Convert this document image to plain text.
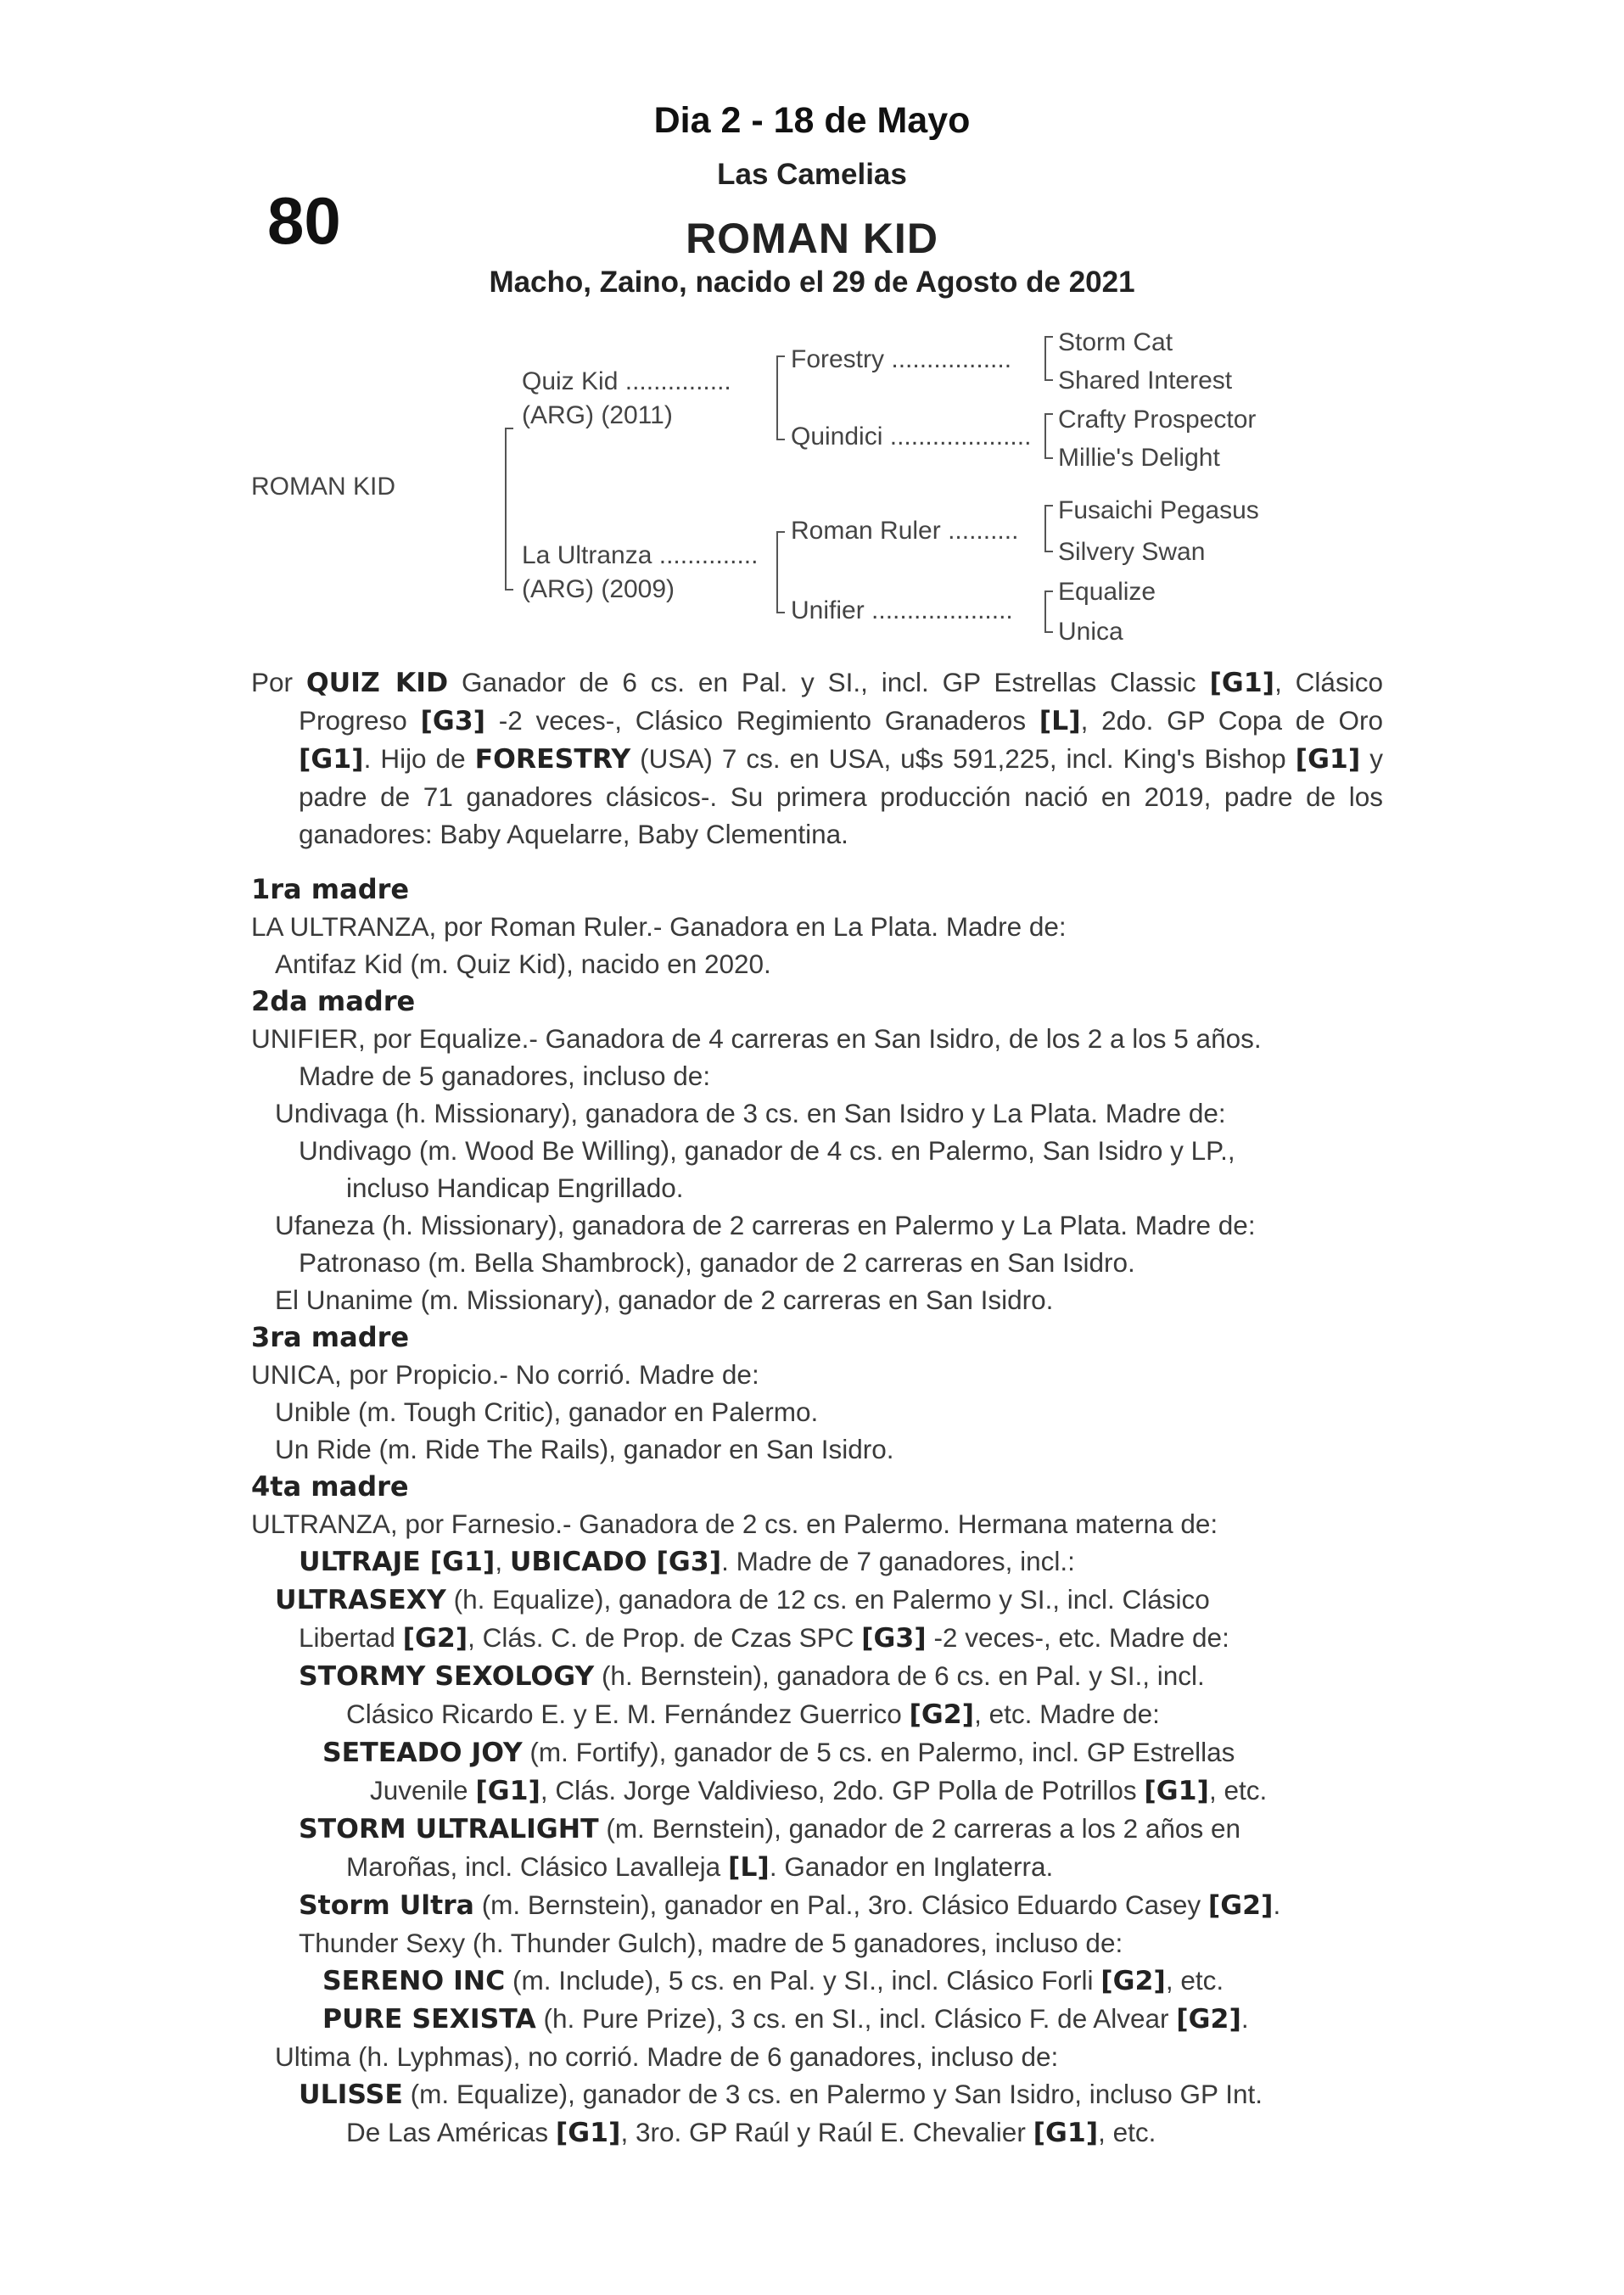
Dia 2 - 18 de Mayo
Las Camelias
80	ROMAN KID
Macho, Zaino, nacido el 29 de Agosto de 2021
ROMAN KID
Quiz Kid ...............
(ARG) (2011)
La Ultranza ..............
(ARG) (2009)
Forestry .................
Quindici ....................
Roman Ruler ..........
Unifier ....................
Storm Cat
Shared Interest
Crafty Prospector
Millie's Delight
Fusaichi Pegasus
Silvery Swan
Equalize
Unica

Por QUIZ KID Ganador de 6 cs. en Pal. y SI., incl. GP Estrellas Classic [G1], Clásico Progreso [G3] -2 veces-, Clásico Regimiento Granaderos [L], 2do. GP Copa de Oro [G1]. Hijo de FORESTRY (USA) 7 cs. en USA, u$s 591,225, incl. King's Bishop [G1] y padre de 71 ganadores clásicos-. Su primera producción nació en 2019, padre de los ganadores: Baby Aquelarre, Baby Clementina.

1ra madre

LA ULTRANZA, por Roman Ruler.- Ganadora en La Plata. Madre de:

Antifaz Kid (m. Quiz Kid), nacido en 2020.

2da madre

UNIFIER, por Equalize.- Ganadora de 4 carreras en San Isidro, de los 2 a los 5 años.

Madre de 5 ganadores, incluso de:

Undivaga (h. Missionary), ganadora de 3 cs. en San Isidro y La Plata. Madre de:

Undivago (m. Wood Be Willing), ganador de 4 cs. en Palermo, San Isidro y LP.,

incluso Handicap Engrillado.

Ufaneza (h. Missionary), ganadora de 2 carreras en Palermo y La Plata. Madre de:

Patronaso (m. Bella Shambrock), ganador de 2 carreras en San Isidro.

El Unanime (m. Missionary), ganador de 2 carreras en San Isidro.

3ra madre

UNICA, por Propicio.- No corrió. Madre de:

Unible (m. Tough Critic), ganador en Palermo.

Un Ride (m. Ride The Rails), ganador en San Isidro.

4ta madre

ULTRANZA, por Farnesio.- Ganadora de 2 cs. en Palermo. Hermana materna de:

ULTRAJE [G1], UBICADO [G3]. Madre de 7 ganadores, incl.:

ULTRASEXY (h. Equalize), ganadora de 12 cs. en Palermo y SI., incl. Clásico

Libertad [G2], Clás. C. de Prop. de Czas SPC [G3] -2 veces-, etc. Madre de:

STORMY SEXOLOGY (h. Bernstein), ganadora de 6 cs. en Pal. y SI., incl.

Clásico Ricardo E. y E. M. Fernández Guerrico [G2], etc. Madre de:

SETEADO JOY (m. Fortify), ganador de 5 cs. en Palermo, incl. GP Estrellas

Juvenile [G1], Clás. Jorge Valdivieso, 2do. GP Polla de Potrillos [G1], etc.

STORM ULTRALIGHT (m. Bernstein), ganador de 2 carreras a los 2 años en

Maroñas, incl. Clásico Lavalleja [L]. Ganador en Inglaterra.

Storm Ultra (m. Bernstein), ganador en Pal., 3ro. Clásico Eduardo Casey [G2].

Thunder Sexy (h. Thunder Gulch), madre de 5 ganadores, incluso de:

SERENO INC (m. Include), 5 cs. en Pal. y SI., incl. Clásico Forli [G2], etc.

PURE SEXISTA (h. Pure Prize), 3 cs. en SI., incl. Clásico F. de Alvear [G2].

Ultima (h. Lyphmas), no corrió. Madre de 6 ganadores, incluso de:

ULISSE (m. Equalize), ganador de 3 cs. en Palermo y San Isidro, incluso GP Int.

De Las Américas [G1], 3ro. GP Raúl y Raúl E. Chevalier [G1], etc.
